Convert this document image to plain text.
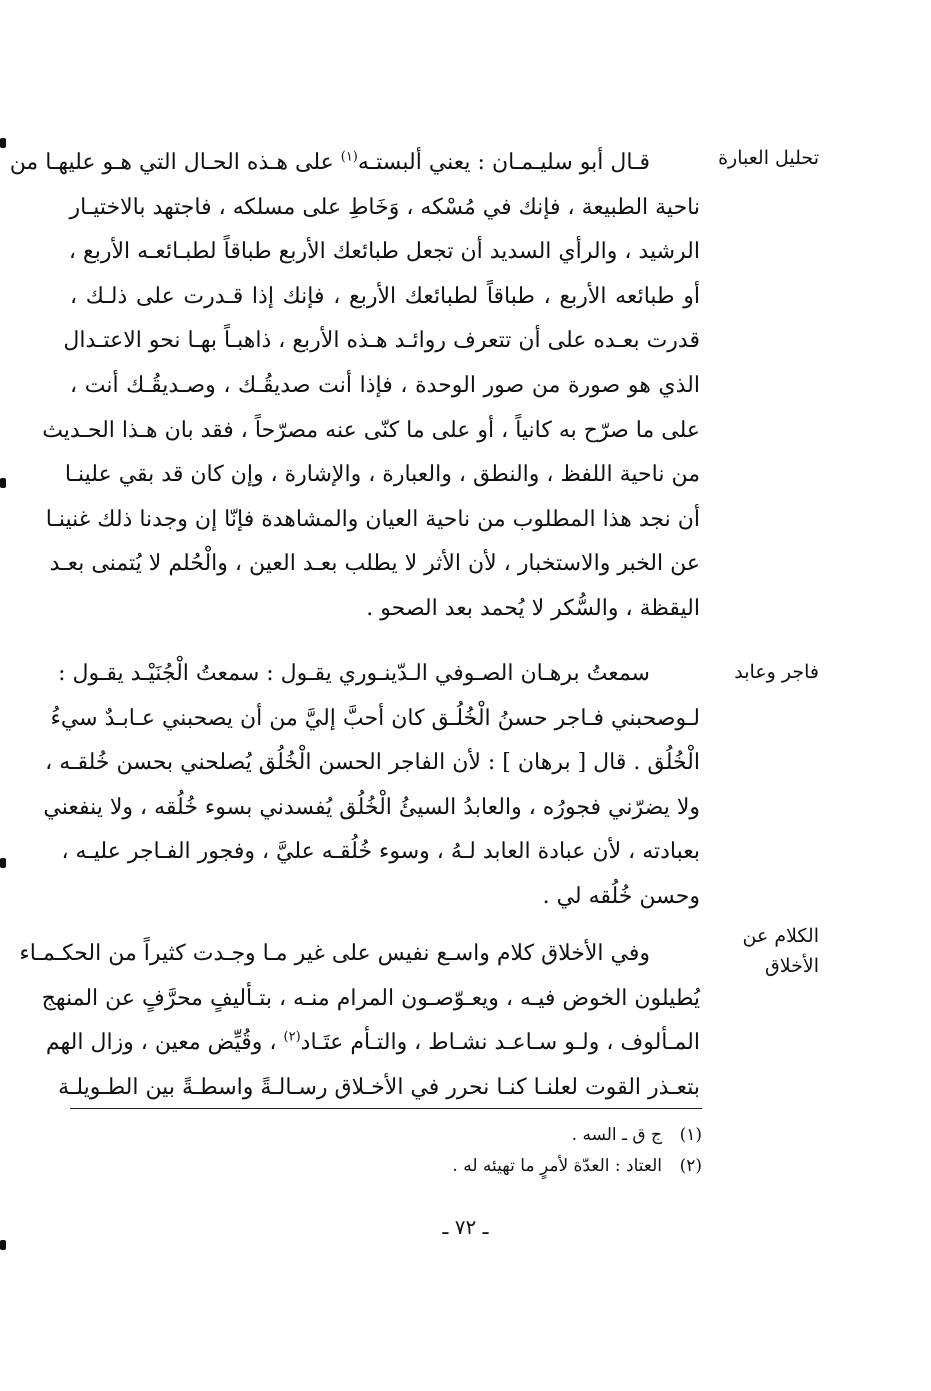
تحليل العبارة
قـال أبو سليـمـان : يعني ألبستـه$^{(١)}$ على هـذه الحـال التي هـو عليهـا من
ناحية الطبيعة ، فإنك في مُسْكه ، وَخَاطِ على مسلكه ، فاجتهد بالاختيـار
الرشيد ، والرأي السديد أن تجعل طبائعك الأربع طباقاً لطبـائعـه الأربع ،
أو طبائعه الأربع ، طباقاً لطبائعك الأربع ، فإنك إذا قـدرت على ذلـك ،
قدرت بعـده على أن تتعرف روائـد هـذه الأربع ، ذاهبـاً بهـا نحو الاعتـدال
الذي هو صورة من صور الوحدة ، فإذا أنت صديقُـك ، وصـديقُـك أنت ،
على ما صرّح به كانياً ، أو على ما كنّى عنه مصرّحاً ، فقد بان هـذا الحـديث
من ناحية اللفظ ، والنطق ، والعبارة ، والإشارة ، وإن كان قد بقي علينـا
أن نجد هذا المطلوب من ناحية العيان والمشاهدة فإنّا إن وجدنا ذلك غنينـا
عن الخبر والاستخبار ، لأن الأثر لا يطلب بعـد العين ، والْحُلم لا يُتمنى بعـد
اليقظة ، والسُّكر لا يُحمد بعد الصحو .
فاجر وعابد
سمعتُ برهـان الصـوفي الـدّينـوري يقـول : سمعتُ الْجُنَيْـد يقـول :
لـوصحبني فـاجر حسنُ الْخُلُـق كان أحبَّ إليَّ من أن يصحبني عـابـدٌ سيءُ
الْخُلُق . قال [ برهان ] : لأن الفاجر الحسن الْخُلُق يُصلحني بحسن خُلقـه ،
ولا يضرّني فجورُه ، والعابدُ السيئُ الْخُلُق يُفسدني بسوء خُلُقه ، ولا ينفعني
بعبادته ، لأن عبادة العابد لـهُ ، وسوء خُلُقـه عليَّ ، وفجور الفـاجر عليـه ،
وحسن خُلُقه لي .
الكلام عن
الأخلاق
وفي الأخلاق كلام واسـع نفيس على غير مـا وجـدت كثيراً من الحكـمـاء
يُطيلون الخوض فيـه ، ويعـوّصـون المرام منـه ، بتـأليفٍ محرَّفٍ عن المنهج
المـألوف ، ولـو سـاعـد نشـاط ، والتـأم عتَـاد$^{(٢)}$ ، وقُيِّض معين ، وزال الهم
بتعـذر القوت لعلنـا كنـا نحرر في الأخـلاق رسـالـةً واسطـةً بين الطـويلـة
(١)ج ق ـ السه .
(٢)العتاد : العدّة لأمرٍ ما تهيئه له .
ـ ٧٢ ـ
